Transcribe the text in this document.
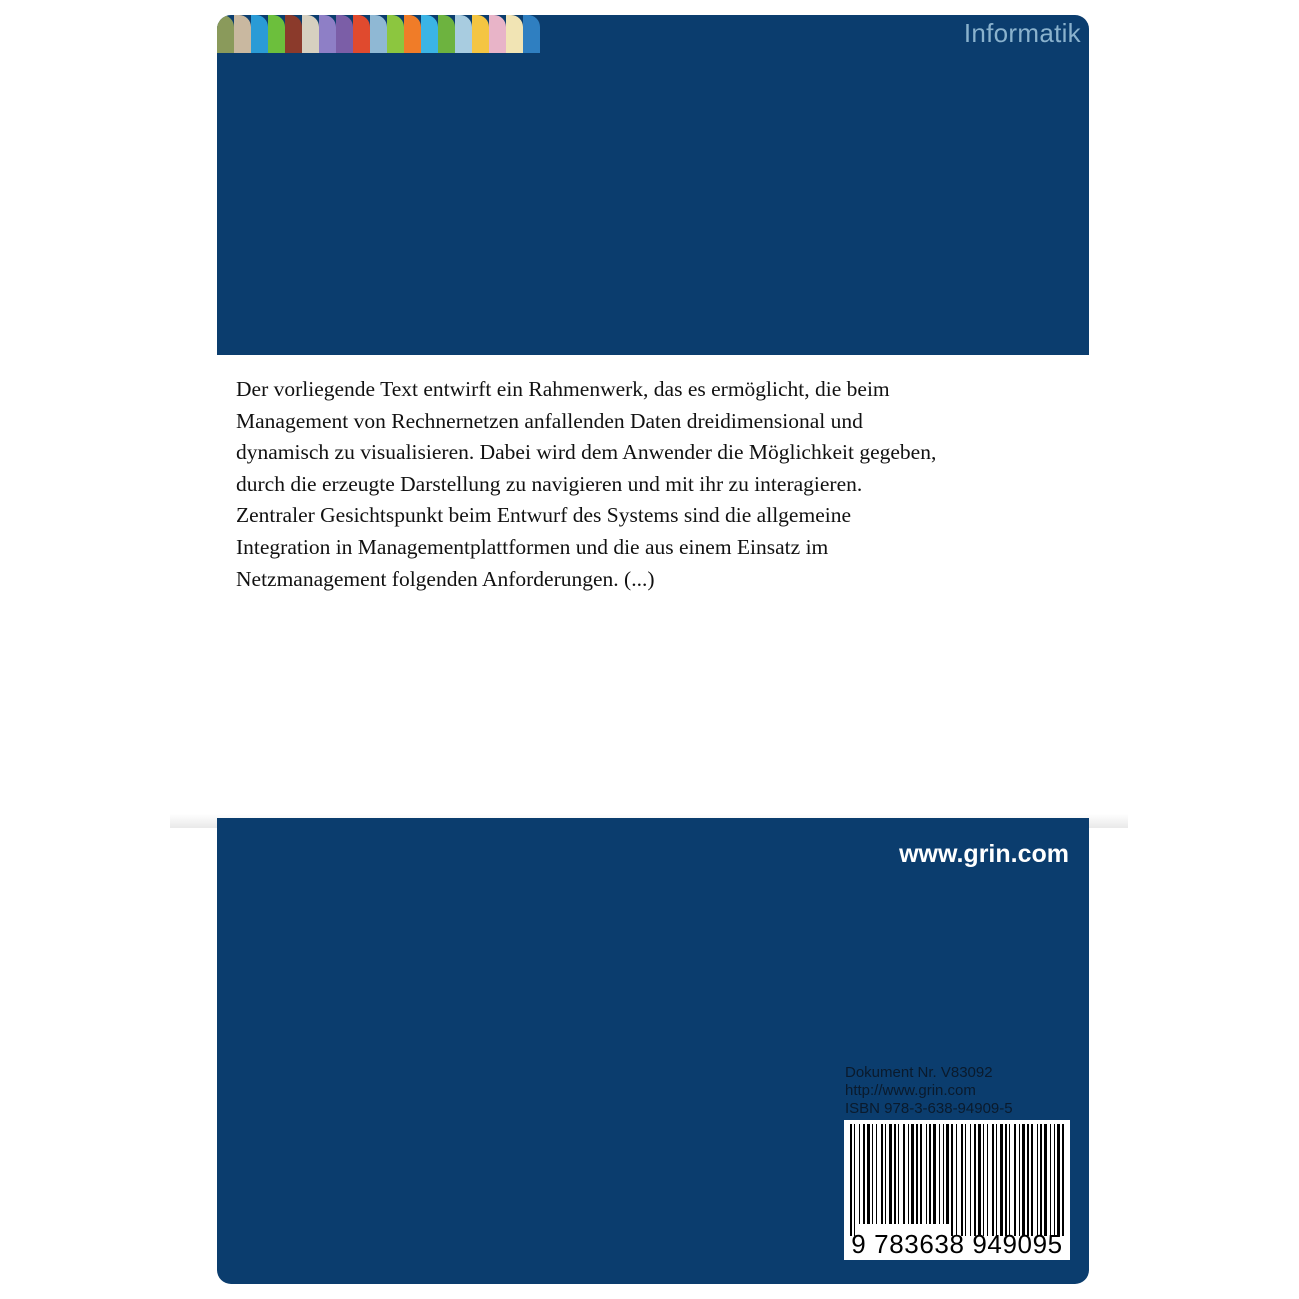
Informatik
Der vorliegende Text entwirft ein Rahmenwerk, das es ermöglicht, die beim
Management von Rechnernetzen anfallenden Daten dreidimensional und
dynamisch zu visualisieren. Dabei wird dem Anwender die Möglichkeit gegeben,
durch die erzeugte Darstellung zu navigieren und mit ihr zu interagieren.
Zentraler Gesichtspunkt beim Entwurf des Systems sind die allgemeine
Integration in Managementplattformen und die aus einem Einsatz im
Netzmanagement folgenden Anforderungen. (...)
www.grin.com
Dokument Nr. V83092
http://www.grin.com
ISBN 978-3-638-94909-5
9 783638 949095
